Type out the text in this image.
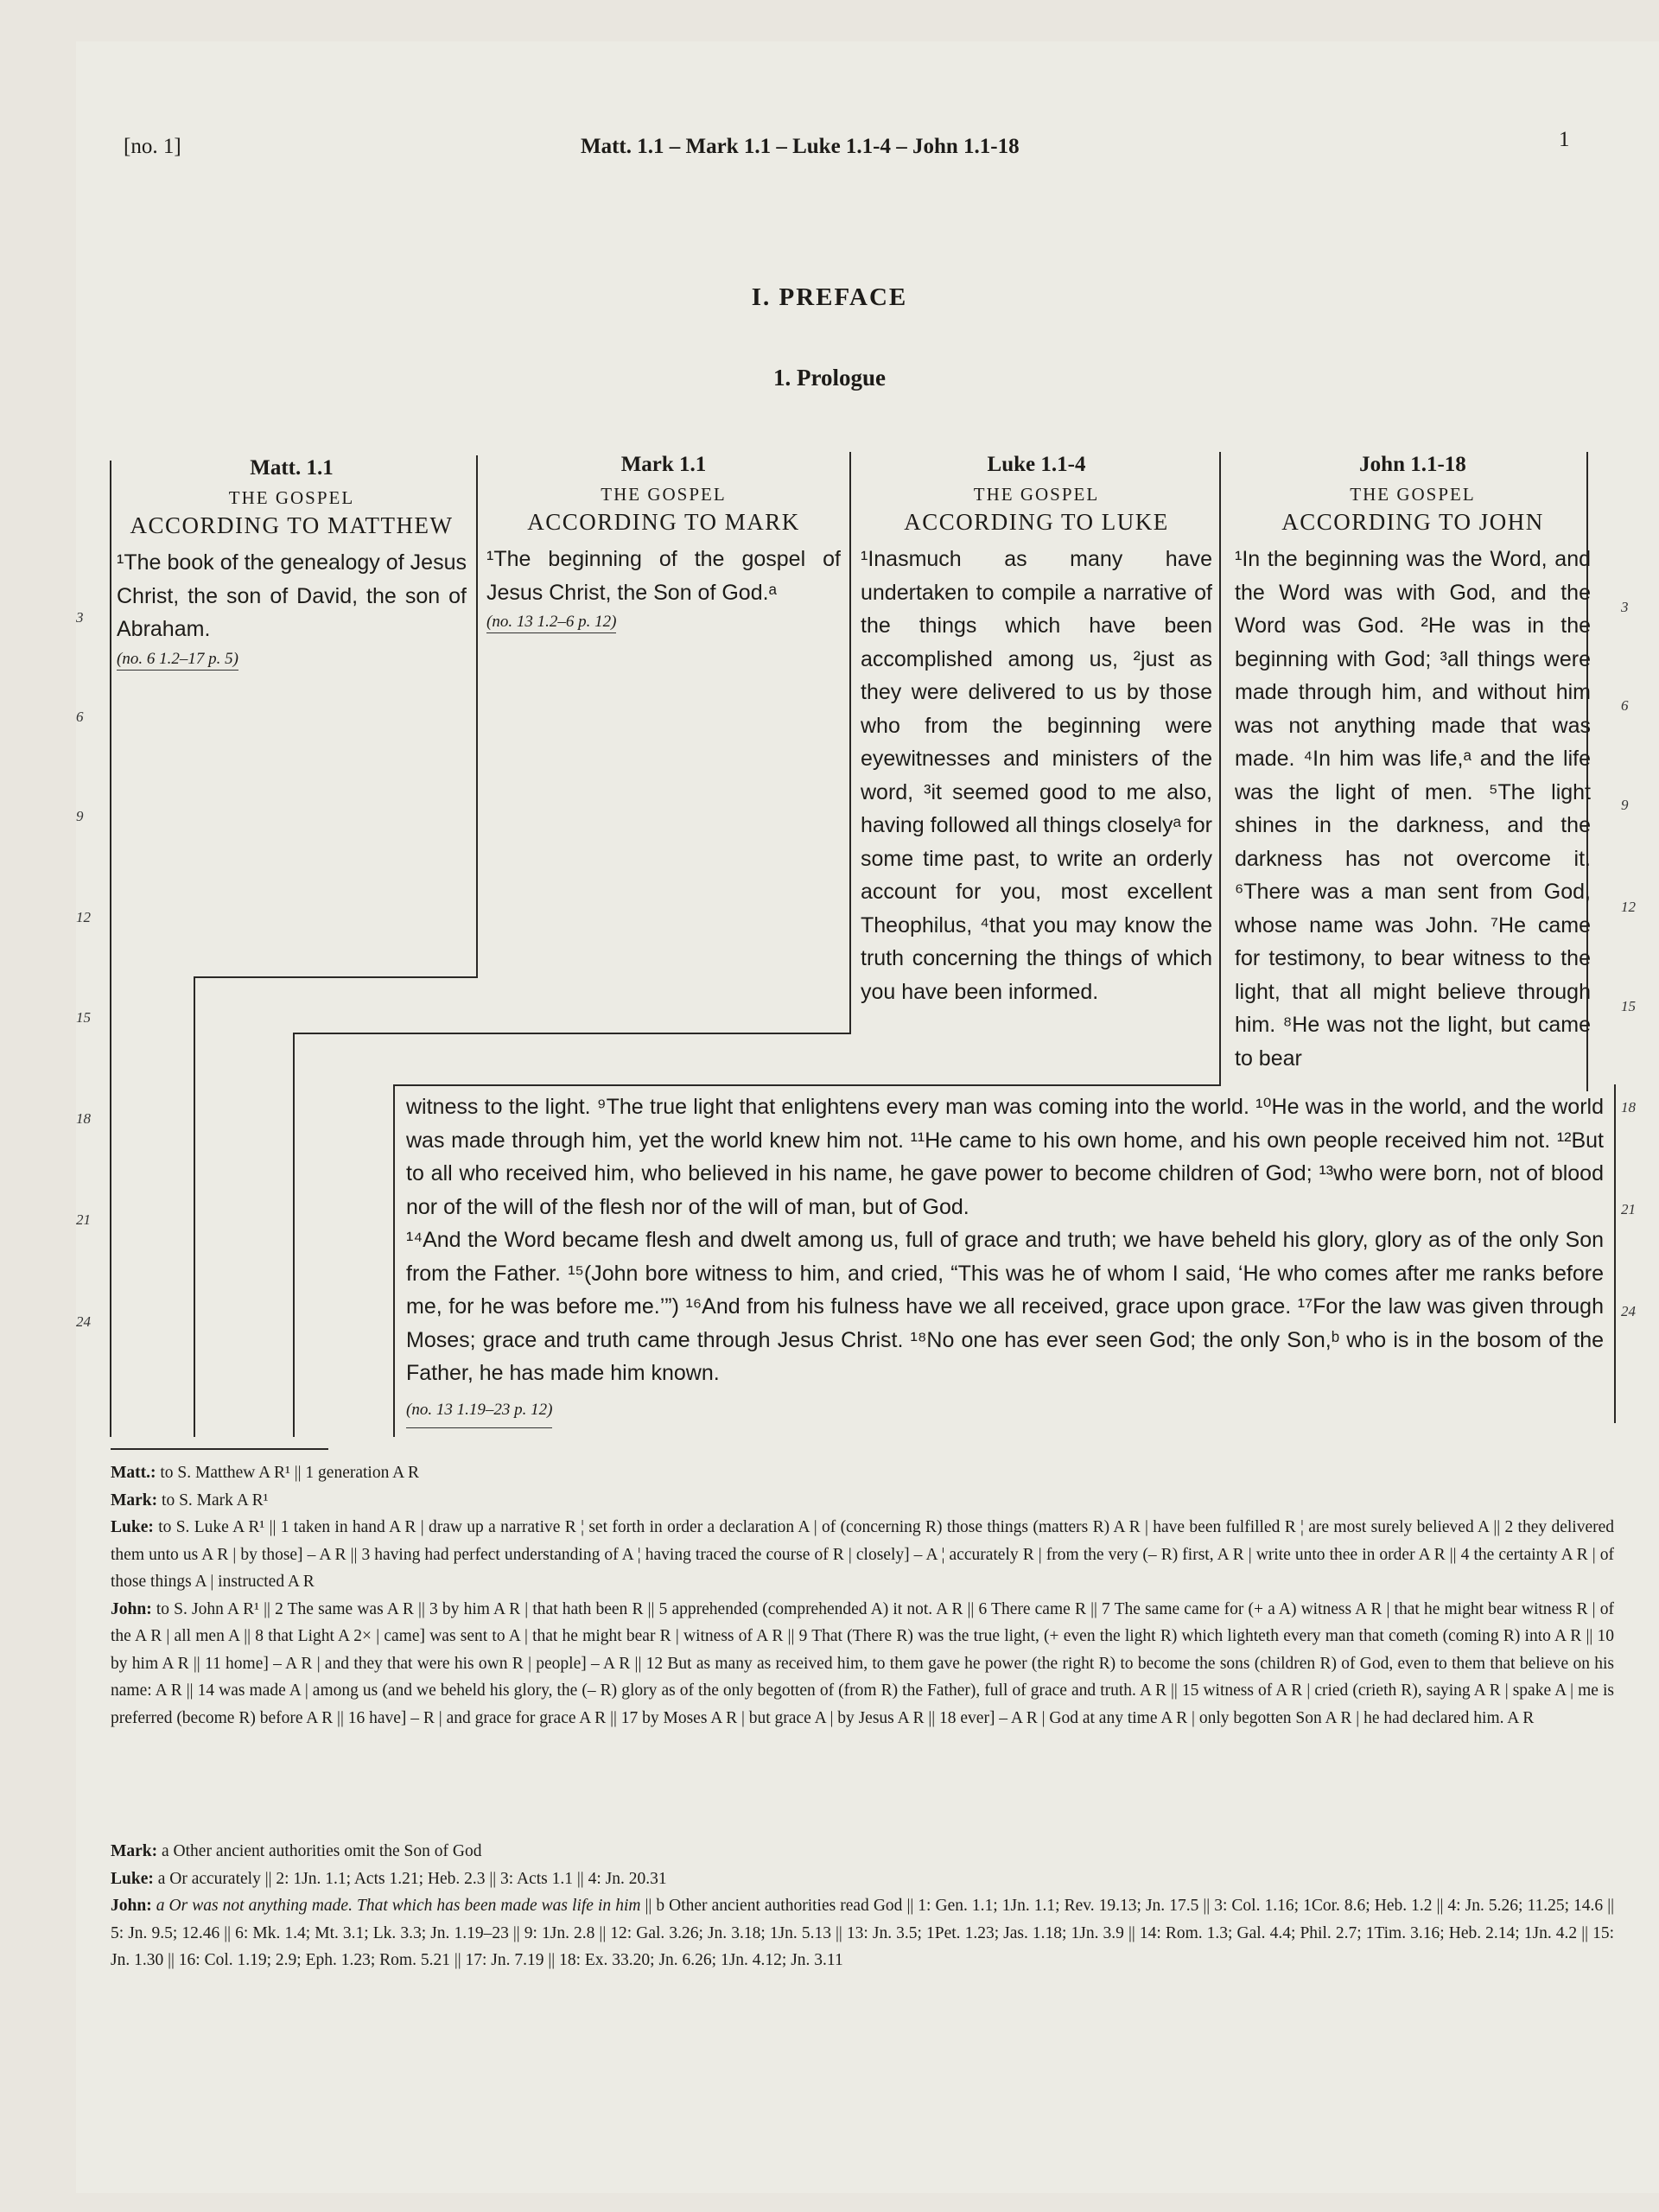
[no. 1]	Matt. 1.1 – Mark 1.1 – Luke 1.1-4 – John 1.1-18	1
I. PREFACE
1. Prologue
Matt. 1.1
THE GOSPEL
ACCORDING TO MATTHEW
¹The book of the genealogy of Jesus Christ, the son of David, the son of Abraham.
(no. 6 1.2–17 p. 5)
Mark 1.1
THE GOSPEL
ACCORDING TO MARK
¹The beginning of the gospel of Jesus Christ, the Son of God.ᵃ
(no. 13 1.2–6 p. 12)
Luke 1.1-4
THE GOSPEL
ACCORDING TO LUKE
¹Inasmuch as many have undertaken to compile a narrative of the things which have been accomplished among us, ²just as they were delivered to us by those who from the beginning were eyewitnesses and ministers of the word, ³it seemed good to me also, having followed all things closelyᵃ for some time past, to write an orderly account for you, most excellent Theophilus, ⁴that you may know the truth concerning the things of which you have been informed.
John 1.1-18
THE GOSPEL
ACCORDING TO JOHN
¹In the beginning was the Word, and the Word was with God, and the Word was God. ²He was in the beginning with God; ³all things were made through him, and without him was not anything made that was made. ⁴In him was life,ᵃ and the life was the light of men. ⁵The light shines in the darkness, and the darkness has not overcome it. ⁶There was a man sent from God, whose name was John. ⁷He came for testimony, to bear witness to the light, that all might believe through him. ⁸He was not the light, but came to bear

witness to the light. ⁹The true light that enlightens every man was coming into the world. ¹⁰He was in the world, and the world was made through him, yet the world knew him not. ¹¹He came to his own home, and his own people received him not. ¹²But to all who received him, who believed in his name, he gave power to become children of God; ¹³who were born, not of blood nor of the will of the flesh nor of the will of man, but of God.

¹⁴And the Word became flesh and dwelt among us, full of grace and truth; we have beheld his glory, glory as of the only Son from the Father. ¹⁵(John bore witness to him, and cried, “This was he of whom I said, ‘He who comes after me ranks before me, for he was before me.’”) ¹⁶And from his fulness have we all received, grace upon grace. ¹⁷For the law was given through Moses; grace and truth came through Jesus Christ. ¹⁸No one has ever seen God; the only Son,ᵇ who is in the bosom of the Father, he has made him known.

(no. 13 1.19–23 p. 12)
3
6
9
12
15
18
21
24
3
6
9
12
15
18
21
24

Matt.: to S. Matthew A R¹ || 1 generation A R

Mark: to S. Mark A R¹

Luke: to S. Luke A R¹ || 1 taken in hand A R | draw up a narrative R ¦ set forth in order a declaration A | of (concerning R) those things (matters R) A R | have been fulfilled R ¦ are most surely believed A || 2 they delivered them unto us A R | by those] – A R || 3 having had perfect understanding of A ¦ having traced the course of R | closely] – A ¦ accurately R | from the very (– R) first, A R | write unto thee in order A R || 4 the certainty A R | of those things A | instructed A R

John: to S. John A R¹ || 2 The same was A R || 3 by him A R | that hath been R || 5 apprehended (comprehended A) it not. A R || 6 There came R || 7 The same came for (+ a A) witness A R | that he might bear witness R | of the A R | all men A || 8 that Light A 2× | came] was sent to A | that he might bear R | witness of A R || 9 That (There R) was the true light, (+ even the light R) which lighteth every man that cometh (coming R) into A R || 10 by him A R || 11 home] – A R | and they that were his own R | people] – A R || 12 But as many as received him, to them gave he power (the right R) to become the sons (children R) of God, even to them that believe on his name: A R || 14 was made A | among us (and we beheld his glory, the (– R) glory as of the only begotten of (from R) the Father), full of grace and truth. A R || 15 witness of A R | cried (crieth R), saying A R | spake A | me is preferred (become R) before A R || 16 have] – R | and grace for grace A R || 17 by Moses A R | but grace A | by Jesus A R || 18 ever] – A R | God at any time A R | only begotten Son A R | he had declared him. A R

Mark: a Other ancient authorities omit the Son of God

Luke: a Or accurately || 2: 1Jn. 1.1; Acts 1.21; Heb. 2.3 || 3: Acts 1.1 || 4: Jn. 20.31

John: a Or was not anything made. That which has been made was life in him || b Other ancient authorities read God || 1: Gen. 1.1; 1Jn. 1.1; Rev. 19.13; Jn. 17.5 || 3: Col. 1.16; 1Cor. 8.6; Heb. 1.2 || 4: Jn. 5.26; 11.25; 14.6 || 5: Jn. 9.5; 12.46 || 6: Mk. 1.4; Mt. 3.1; Lk. 3.3; Jn. 1.19–23 || 9: 1Jn. 2.8 || 12: Gal. 3.26; Jn. 3.18; 1Jn. 5.13 || 13: Jn. 3.5; 1Pet. 1.23; Jas. 1.18; 1Jn. 3.9 || 14: Rom. 1.3; Gal. 4.4; Phil. 2.7; 1Tim. 3.16; Heb. 2.14; 1Jn. 4.2 || 15: Jn. 1.30 || 16: Col. 1.19; 2.9; Eph. 1.23; Rom. 5.21 || 17: Jn. 7.19 || 18: Ex. 33.20; Jn. 6.26; 1Jn. 4.12; Jn. 3.11
